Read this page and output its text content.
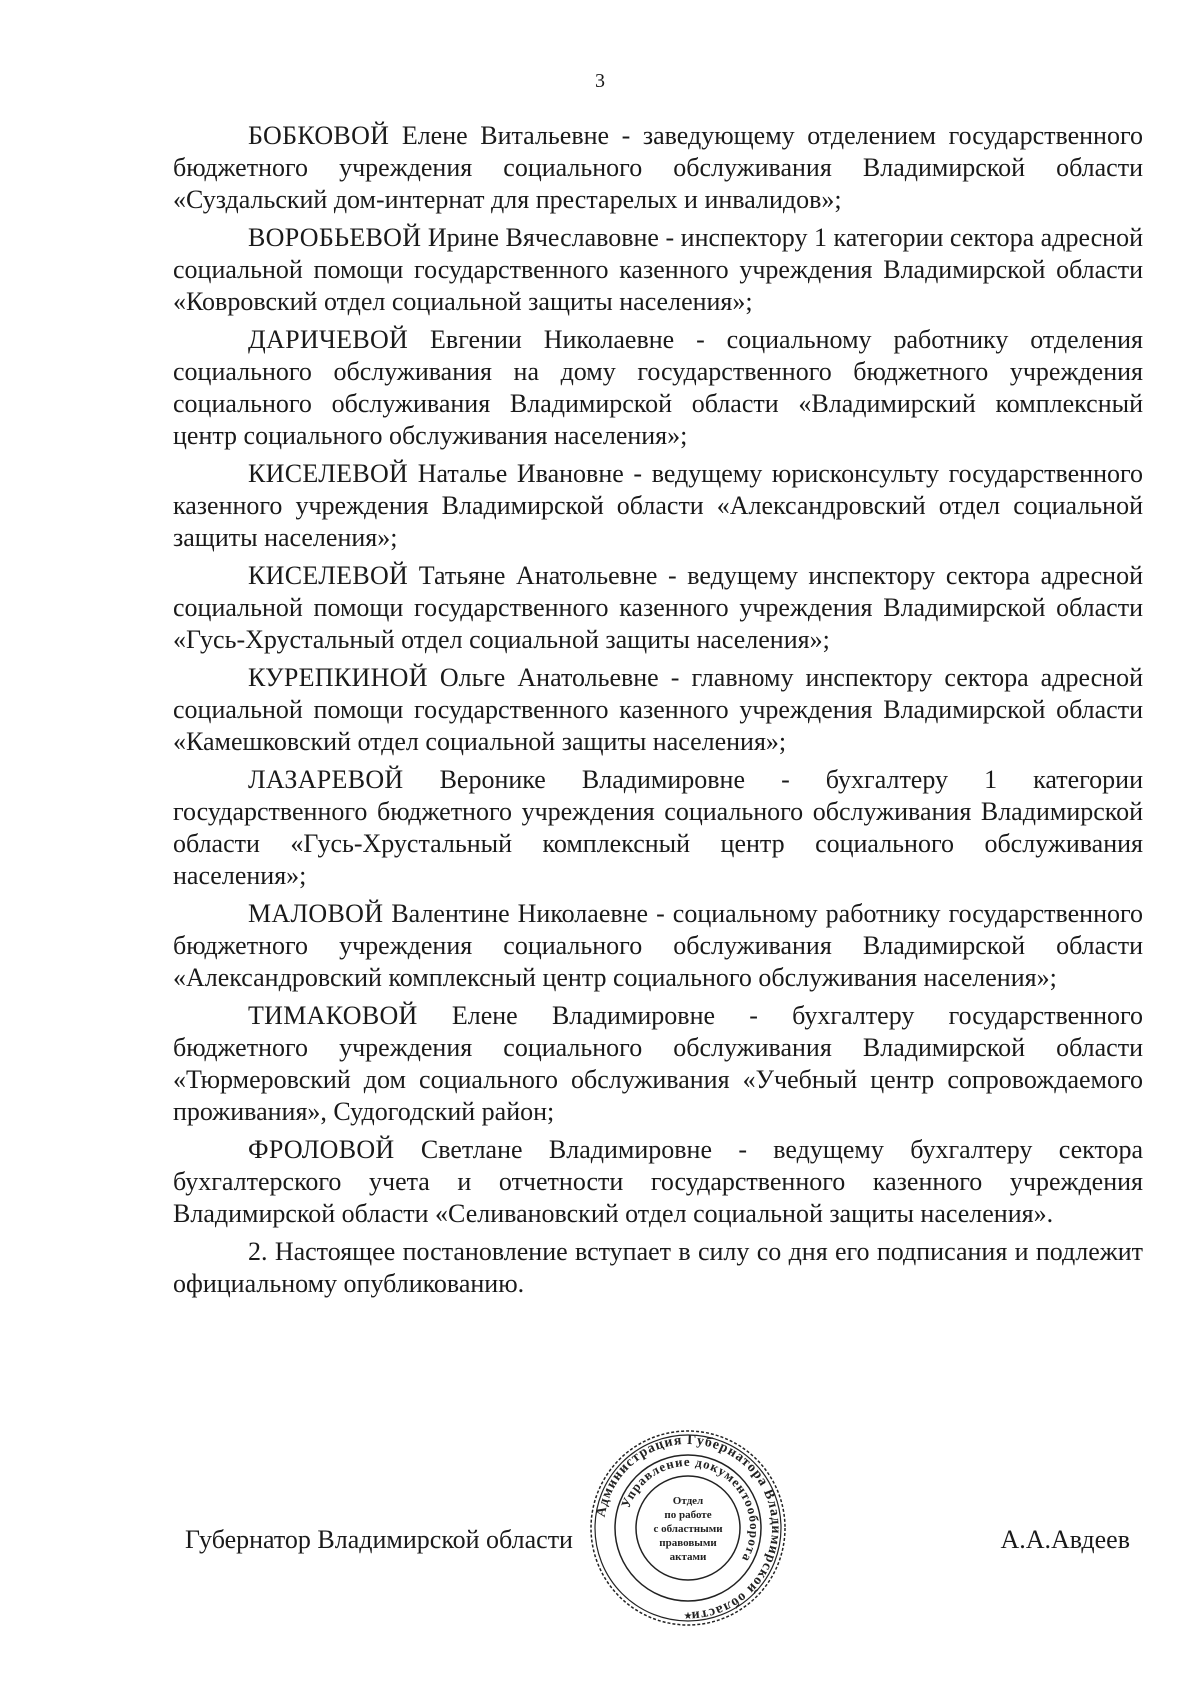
3

БОБКОВОЙ Елене Витальевне - заведующему отделением государственного бюджетного учреждения социального обслуживания Владимирской области «Суздальский дом-интернат для престарелых и инвалидов»;

ВОРОБЬЕВОЙ Ирине Вячеславовне - инспектору 1 категории сектора адресной социальной помощи государственного казенного учреждения Владимирской области «Ковровский отдел социальной защиты населения»;

ДАРИЧЕВОЙ Евгении Николаевне - социальному работнику отделения социального обслуживания на дому государственного бюджетного учреждения социального обслуживания Владимирской области «Владимирский комплексный центр социального обслуживания населения»;

КИСЕЛЕВОЙ Наталье Ивановне - ведущему юрисконсульту государственного казенного учреждения Владимирской области «Александровский отдел социальной защиты населения»;

КИСЕЛЕВОЙ Татьяне Анатольевне - ведущему инспектору сектора адресной социальной помощи государственного казенного учреждения Владимирской области «Гусь-Хрустальный отдел социальной защиты населения»;

КУРЕПКИНОЙ Ольге Анатольевне - главному инспектору сектора адресной социальной помощи государственного казенного учреждения Владимирской области «Камешковский отдел социальной защиты населения»;

ЛАЗАРЕВОЙ Веронике Владимировне - бухгалтеру 1 категории государственного бюджетного учреждения социального обслуживания Владимирской области «Гусь-Хрустальный комплексный центр социального обслуживания населения»;

МАЛОВОЙ Валентине Николаевне - социальному работнику государственного бюджетного учреждения социального обслуживания Владимирской области «Александровский комплексный центр социального обслуживания населения»;

ТИМАКОВОЙ Елене Владимировне - бухгалтеру государственного бюджетного учреждения социального обслуживания Владимирской области «Тюрмеровский дом социального обслуживания «Учебный центр сопровождаемого проживания», Судогодский район;

ФРОЛОВОЙ Светлане Владимировне - ведущему бухгалтеру сектора бухгалтерского учета и отчетности государственного казенного учреждения Владимирской области «Селивановский отдел социальной защиты населения».

2. Настоящее постановление вступает в силу со дня его подписания и подлежит официальному опубликованию.

Губернатор Владимирской области	А.А.Авдеев
Администрация Губернатора Владимирской области
Управление документооборота
Отдел
по работе
с областными
правовыми
актами
★
